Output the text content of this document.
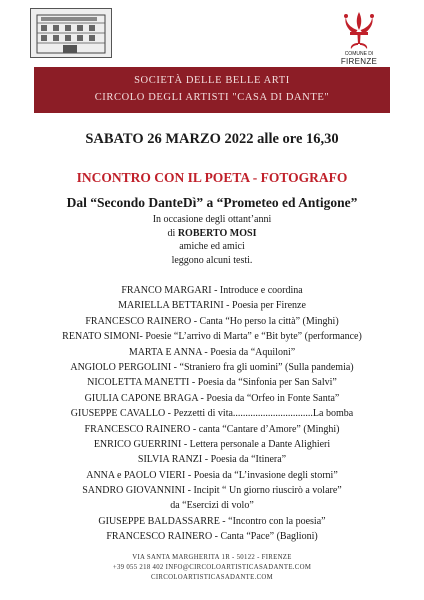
COMUNE DI
FIRENZE
SOCIETÀ DELLE BELLE ARTI
CIRCOLO DEGLI ARTISTI "CASA DI DANTE"
SABATO 26 MARZO 2022 alle ore 16,30
INCONTRO CON IL POETA - FOTOGRAFO
Dal “Secondo DanteDì” a “Prometeo ed Antigone”
In occasione degli ottant’anni
di ROBERTO MOSI
amiche ed amici
leggono alcuni testi.
FRANCO MARGARI - Introduce e coordina
MARIELLA BETTARINI - Poesia per Firenze
FRANCESCO RAINERO - Canta “Ho perso la città” (Minghi)
RENATO SIMONI- Poesie “L’arrivo di Marta” e “Bit byte” (performance)
MARTA E ANNA - Poesia da “Aquiloni”
ANGIOLO PERGOLINI - “Straniero fra gli uomini” (Sulla pandemia)
NICOLETTA MANETTI - Poesia da “Sinfonia per San Salvi”
GIULIA CAPONE BRAGA - Poesia da “Orfeo in Fonte Santa”
GIUSEPPE CAVALLO - Pezzetti di vita................................La bomba
FRANCESCO RAINERO - canta “Cantare d’Amore” (Minghi)
ENRICO GUERRINI - Lettera personale a Dante Alighieri
SILVIA RANZI - Poesia da “Itinera”
ANNA e PAOLO VIERI - Poesia da “L’invasione degli storni”
SANDRO GIOVANNINI - Incipit “ Un giorno riuscirò a volare”
da “Esercizi di volo”
GIUSEPPE BALDASSARRE - “Incontro con la poesia”
FRANCESCO RAINERO - Canta “Pace” (Baglioni)
VIA SANTA MARGHERITA 1R - 50122 - FIRENZE
+39 055 218 402 INFO@CIRCOLOARTISTICASADANTE.COM
CIRCOLOARTISTICASADANTE.COM
